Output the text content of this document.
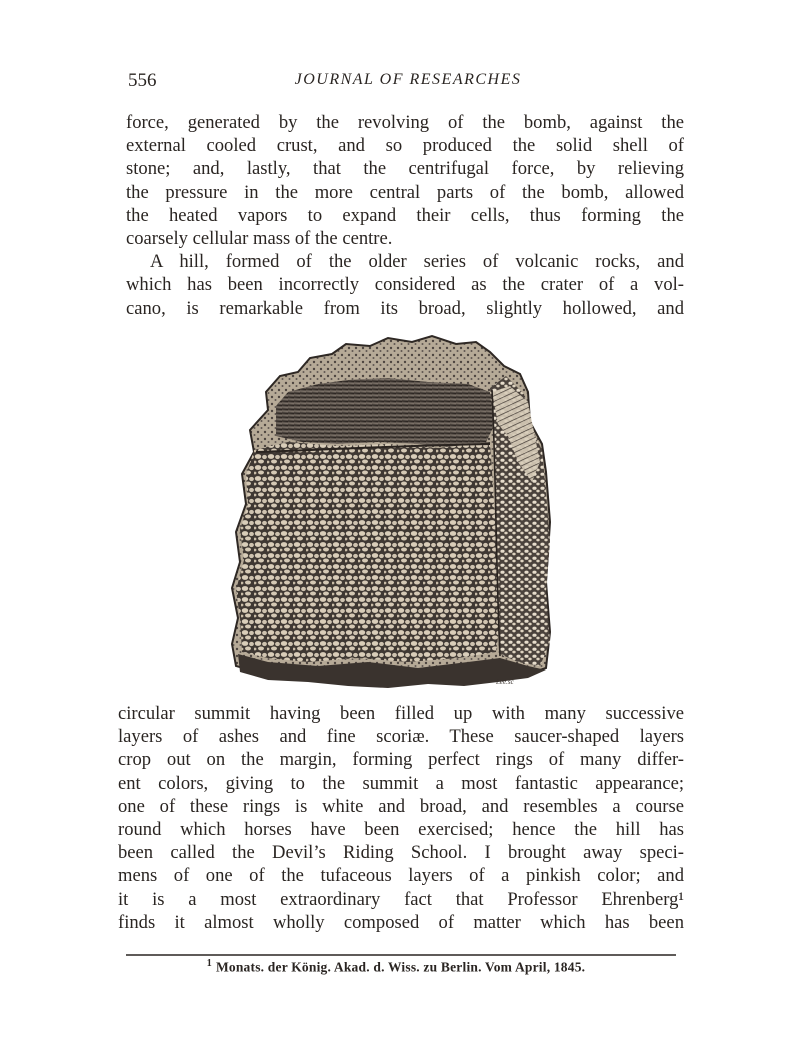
556	JOURNAL OF RESEARCHES
force, generated by the revolving of the bomb, against the
external cooled crust, and so produced the solid shell of
stone; and, lastly, that the centrifugal force, by relieving
the pressure in the more central parts of the bomb, allowed
the heated vapors to expand their cells, thus forming the
coarsely cellular mass of the centre.
A hill, formed of the older series of volcanic rocks, and
which has been incorrectly considered as the crater of a vol-
cano, is remarkable from its broad, slightly hollowed, and
Lee.sc
circular summit having been filled up with many successive
layers of ashes and fine scoriæ. These saucer-shaped layers
crop out on the margin, forming perfect rings of many differ-
ent colors, giving to the summit a most fantastic appearance;
one of these rings is white and broad, and resembles a course
round which horses have been exercised; hence the hill has
been called the Devil’s Riding School. I brought away speci-
mens of one of the tufaceous layers of a pinkish color; and
it is a most extraordinary fact that Professor Ehrenberg¹
finds it almost wholly composed of matter which has been
$^1$ Monats. der König. Akad. d. Wiss. zu Berlin. Vom April, 1845.
